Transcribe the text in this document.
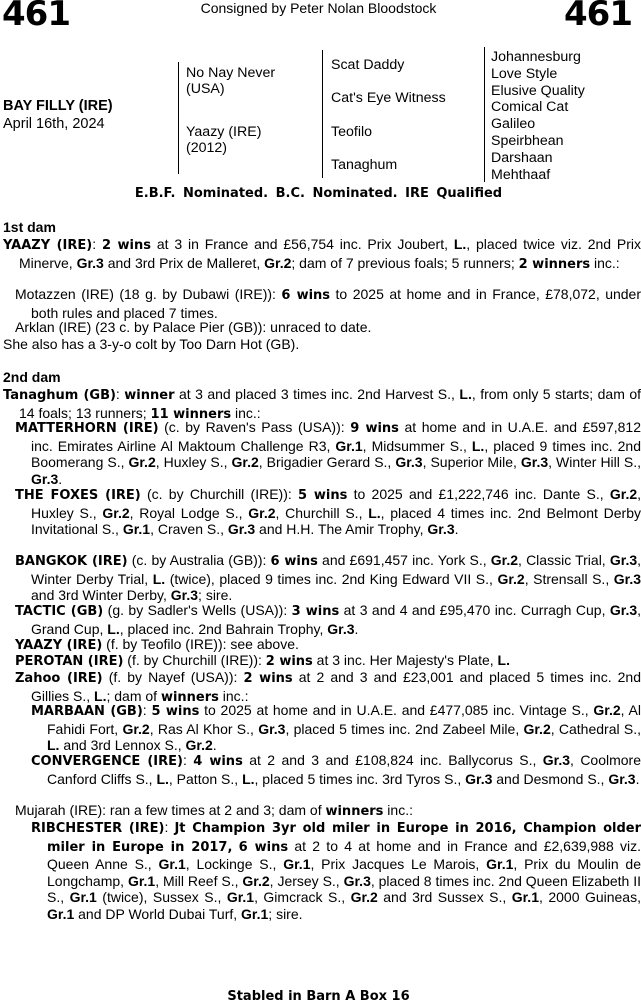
461	Consigned by Peter Nolan Bloodstock	461
BAY FILLY (IRE)
April 16th, 2024
No Nay Never
(USA)
Yaazy (IRE)
(2012)
Scat Daddy
Cat's Eye Witness
Teofilo
Tanaghum
Johannesburg
Love Style
Elusive Quality
Comical Cat
Galileo
Speirbhean
Darshaan
Mehthaaf
E.B.F. Nominated. B.C. Nominated. IRE Qualified
1st dam
YAAZY (IRE): 2 wins at 3 in France and £56,754 inc. Prix Joubert, L., placed twice viz. 2nd Prix Minerve, Gr.3 and 3rd Prix de Malleret, Gr.2; dam of 7 previous foals; 5 runners; 2 winners inc.:
Motazzen (IRE) (18 g. by Dubawi (IRE)): 6 wins to 2025 at home and in France, £78,072, under both rules and placed 7 times.
Arklan (IRE) (23 c. by Palace Pier (GB)): unraced to date.
She also has a 3-y-o colt by Too Darn Hot (GB).
2nd dam
Tanaghum (GB): winner at 3 and placed 3 times inc. 2nd Harvest S., L., from only 5 starts; dam of 14 foals; 13 runners; 11 winners inc.:
MATTERHORN (IRE) (c. by Raven's Pass (USA)): 9 wins at home and in U.A.E. and £597,812 inc. Emirates Airline Al Maktoum Challenge R3, Gr.1, Midsummer S., L., placed 9 times inc. 2nd Boomerang S., Gr.2, Huxley S., Gr.2, Brigadier Gerard S., Gr.3, Superior Mile, Gr.3, Winter Hill S., Gr.3.
THE FOXES (IRE) (c. by Churchill (IRE)): 5 wins to 2025 and £1,222,746 inc. Dante S., Gr.2, Huxley S., Gr.2, Royal Lodge S., Gr.2, Churchill S., L., placed 4 times inc. 2nd Belmont Derby Invitational S., Gr.1, Craven S., Gr.3 and H.H. The Amir Trophy, Gr.3.
BANGKOK (IRE) (c. by Australia (GB)): 6 wins and £691,457 inc. York S., Gr.2, Classic Trial, Gr.3, Winter Derby Trial, L. (twice), placed 9 times inc. 2nd King Edward VII S., Gr.2, Strensall S., Gr.3 and 3rd Winter Derby, Gr.3; sire.
TACTIC (GB) (g. by Sadler's Wells (USA)): 3 wins at 3 and 4 and £95,470 inc. Curragh Cup, Gr.3, Grand Cup, L., placed inc. 2nd Bahrain Trophy, Gr.3.
YAAZY (IRE) (f. by Teofilo (IRE)): see above.
PEROTAN (IRE) (f. by Churchill (IRE)): 2 wins at 3 inc. Her Majesty's Plate, L.
Zahoo (IRE) (f. by Nayef (USA)): 2 wins at 2 and 3 and £23,001 and placed 5 times inc. 2nd Gillies S., L.; dam of winners inc.:
MARBAAN (GB): 5 wins to 2025 at home and in U.A.E. and £477,085 inc. Vintage S., Gr.2, Al Fahidi Fort, Gr.2, Ras Al Khor S., Gr.3, placed 5 times inc. 2nd Zabeel Mile, Gr.2, Cathedral S., L. and 3rd Lennox S., Gr.2.
CONVERGENCE (IRE): 4 wins at 2 and 3 and £108,824 inc. Ballycorus S., Gr.3, Coolmore Canford Cliffs S., L., Patton S., L., placed 5 times inc. 3rd Tyros S., Gr.3 and Desmond S., Gr.3.
Mujarah (IRE): ran a few times at 2 and 3; dam of winners inc.:
RIBCHESTER (IRE): Jt Champion 3yr old miler in Europe in 2016, Champion older miler in Europe in 2017, 6 wins at 2 to 4 at home and in France and £2,639,988 viz. Queen Anne S., Gr.1, Lockinge S., Gr.1, Prix Jacques Le Marois, Gr.1, Prix du Moulin de Longchamp, Gr.1, Mill Reef S., Gr.2, Jersey S., Gr.3, placed 8 times inc. 2nd Queen Elizabeth II S., Gr.1 (twice), Sussex S., Gr.1, Gimcrack S., Gr.2 and 3rd Sussex S., Gr.1, 2000 Guineas, Gr.1 and DP World Dubai Turf, Gr.1; sire.
Stabled in Barn A Box 16
